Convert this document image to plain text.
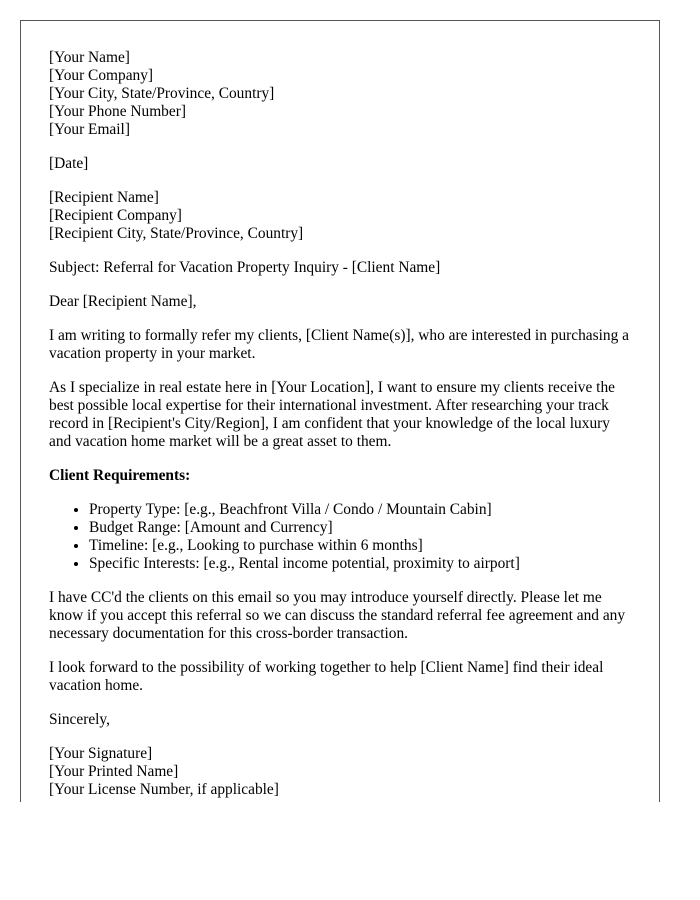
[Your Name]
[Your Company]
[Your City, State/Province, Country]
[Your Phone Number]
[Your Email]
[Date]
[Recipient Name]
[Recipient Company]
[Recipient City, State/Province, Country]

Subject: Referral for Vacation Property Inquiry - [Client Name]

Dear [Recipient Name],

I am writing to formally refer my clients, [Client Name(s)], who are interested in purchasing a vacation property in your market.

As I specialize in real estate here in [Your Location], I want to ensure my clients receive the best possible local expertise for their international investment. After researching your track record in [Recipient's City/Region], I am confident that your knowledge of the local luxury and vacation home market will be a great asset to them.

Client Requirements:
• Property Type: [e.g., Beachfront Villa / Condo / Mountain Cabin]
• Budget Range: [Amount and Currency]
• Timeline: [e.g., Looking to purchase within 6 months]
• Specific Interests: [e.g., Rental income potential, proximity to airport]

I have CC'd the clients on this email so you may introduce yourself directly. Please let me know if you accept this referral so we can discuss the standard referral fee agreement and any necessary documentation for this cross-border transaction.

I look forward to the possibility of working together to help [Client Name] find their ideal vacation home.

Sincerely,

[Your Signature]
[Your Printed Name]
[Your License Number, if applicable]
